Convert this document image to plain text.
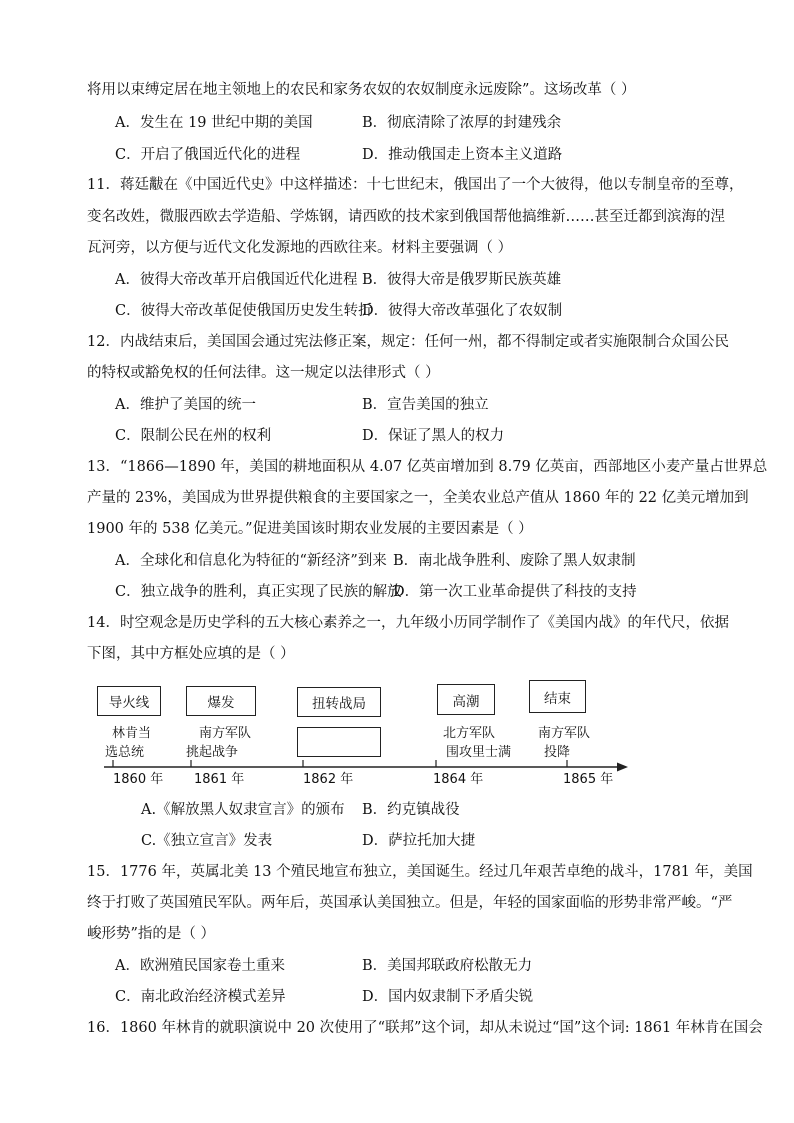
将用以束缚定居在地主领地上的农民和家务农奴的农奴制度永远废除”。这场改革（ ）
A．发生在 19 世纪中期的美国	B．彻底清除了浓厚的封建残余
C．开启了俄国近代化的进程	D．推动俄国走上资本主义道路
11．蒋廷黻在《中国近代史》中这样描述：十七世纪末，俄国出了一个大彼得，他以专制皇帝的至尊，
变名改姓，微服西欧去学造船、学炼钢，请西欧的技术家到俄国帮他搞维新……甚至迁都到滨海的涅
瓦河旁，以方便与近代文化发源地的西欧往来。材料主要强调（ ）
A．彼得大帝改革开启俄国近代化进程 B．彼得大帝是俄罗斯民族英雄
C．彼得大帝改革促使俄国历史发生转折
D．彼得大帝改革强化了农奴制
12．内战结束后，美国国会通过宪法修正案，规定：任何一州，都不得制定或者实施限制合众国公民
的特权或豁免权的任何法律。这一规定以法律形式（ ）
A．维护了美国的统一	B．宣告美国的独立
C．限制公民在州的权利	D．保证了黑人的权力
13．“1866—1890 年，美国的耕地面积从 4.07 亿英亩增加到 8.79 亿英亩，西部地区小麦产量占世界总
产量的 23%，美国成为世界提供粮食的主要国家之一，全美农业总产值从 1860 年的 22 亿美元增加到
1900 年的 538 亿美元。”促进美国该时期农业发展的主要因素是（ ）
A．全球化和信息化为特征的“新经济”到来 B．南北战争胜利、废除了黑人奴隶制
C．独立战争的胜利，真正实现了民族的解放
D．第一次工业革命提供了科技的支持
14．时空观念是历史学科的五大核心素养之一，九年级小历同学制作了《美国内战》的年代尺，依据
下图，其中方框处应填的是（ ）
导火线	爆发	扭转战局	高潮	结束
林肯当
选总统
南方军队
挑起战争
北方军队
围攻里士满
南方军队
投降
1860 年 1861 年	1862 年	1864 年	1865 年
A.《解放黑人奴隶宣言》的颁布 B．约克镇战役
C.《独立宣言》发表	D．萨拉托加大捷
15．1776 年，英属北美 13 个殖民地宣布独立，美国诞生。经过几年艰苦卓绝的战斗，1781 年，美国
终于打败了英国殖民军队。两年后，英国承认美国独立。但是，年轻的国家面临的形势非常严峻。“严
峻形势”指的是（ ）
A．欧洲殖民国家卷土重来	B．美国邦联政府松散无力
C．南北政治经济模式差异	D．国内奴隶制下矛盾尖锐
16．1860 年林肯的就职演说中 20 次使用了“联邦”这个词，却从未说过“国”这个词: 1861 年林肯在国会
